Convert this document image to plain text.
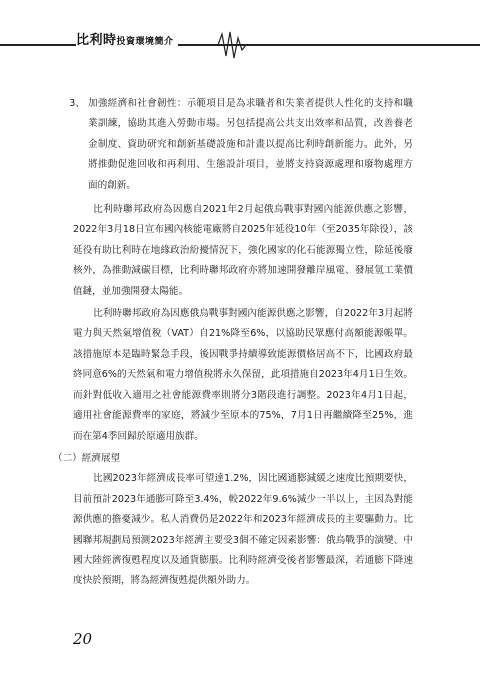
比利時投資環境簡介
3、 加強經濟和社會韌性：示範項目是為求職者和失業者提供人性化的支持和職業訓練，協助其進入勞動市場。另包括提高公共支出效率和品質，改善養老金制度、資助研究和創新基礎設施和計畫以提高比利時創新能力。此外，另將推動促進回收和再利用、生態設計項目，並將支持資源處理和廢物處理方面的創新。

比利時聯邦政府為因應自2021年2月起俄烏戰事對國內能源供應之影響，2022年3月18日宣布國內核能電廠將自2025年延役10年（至2035年除役），該延役有助比利時在地緣政治紛擾情況下，強化國家的化石能源獨立性，除延後廢核外，為推動減碳目標，比利時聯邦政府亦將加速開發離岸風電、發展氫工業價值鏈，並加強開發太陽能。

比利時聯邦政府為因應俄烏戰事對國內能源供應之影響，自2022年3月起將電力與天然氣增值稅（VAT）自21%降至6%，以協助民眾應付高額能源帳單。該措施原本是臨時緊急手段，後因戰爭持續導致能源價格居高不下，比國政府最終同意6%的天然氣和電力增值稅將永久保留，此項措施自2023年4月1日生效。而針對低收入適用之社會能源費率則將分3階段進行調整。2023年4月1日起，適用社會能源費率的家庭，將減少至原本的75%，7月1日再繼續降至25%，進而在第4季回歸於原適用族群。

（二）經濟展望

比國2023年經濟成長率可望達1.2%，因比國通膨減緩之速度比預期要快，目前預計2023年通膨可降至3.4%，較2022年9.6%減少一半以上，主因為對能源供應的擔憂減少。私人消費仍是2022年和2023年經濟成長的主要驅動力。比國聯邦規劃局預測2023年經濟主要受3個不確定因素影響：俄烏戰爭的演變、中國大陸經濟復甦程度以及通貨膨脹。比利時經濟受後者影響最深，若通膨下降速度快於預期，將為經濟復甦提供額外助力。

20
